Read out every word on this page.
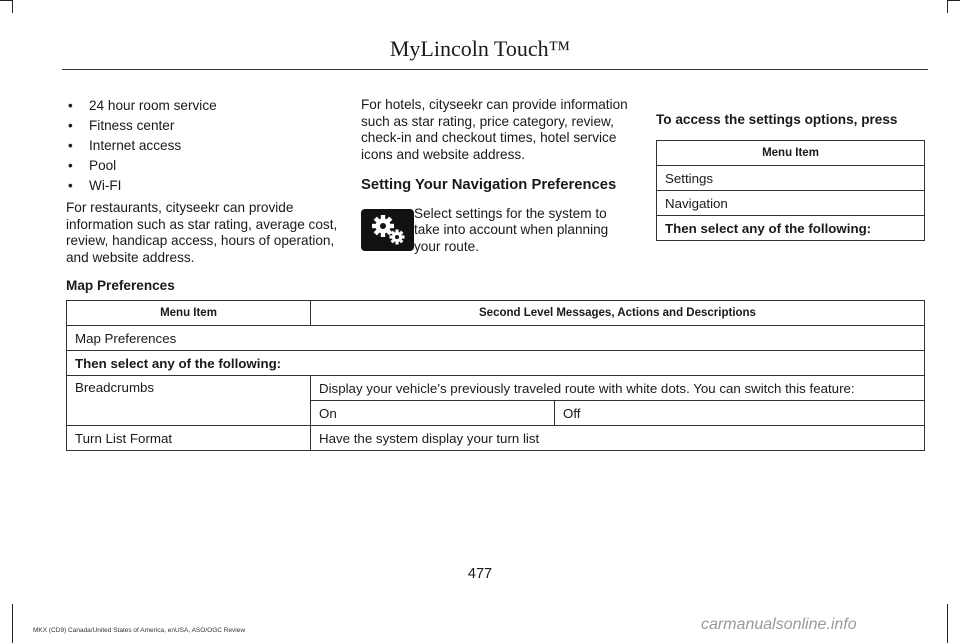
MyLincoln Touch™
• 24 hour room service
• Fitness center
• Internet access
• Pool
• Wi-FI

For restaurants, cityseekr can provide information such as star rating, average cost, review, handicap access, hours of operation, and website address.

For hotels, cityseekr can provide information such as star rating, price category, review, check-in and checkout times, hotel service icons and website address.

Setting Your Navigation Preferences

Select settings for the system to take into account when planning your route.

To access the settings options, press

Menu Item
Settings
Navigation
Then select any of the following:

Map Preferences

Menu Item	Second Level Messages, Actions and Descriptions	
Map Preferences		
Then select any of the following:		
Breadcrumbs	Display your vehicle’s previously traveled route with white dots. You can switch this feature:	
	On	Off
Turn List Format	Have the system display your turn list	
477
MKX (CD9) Canada/United States of America, enUSA, ASO/OGC Review	carmanualsonline.info
